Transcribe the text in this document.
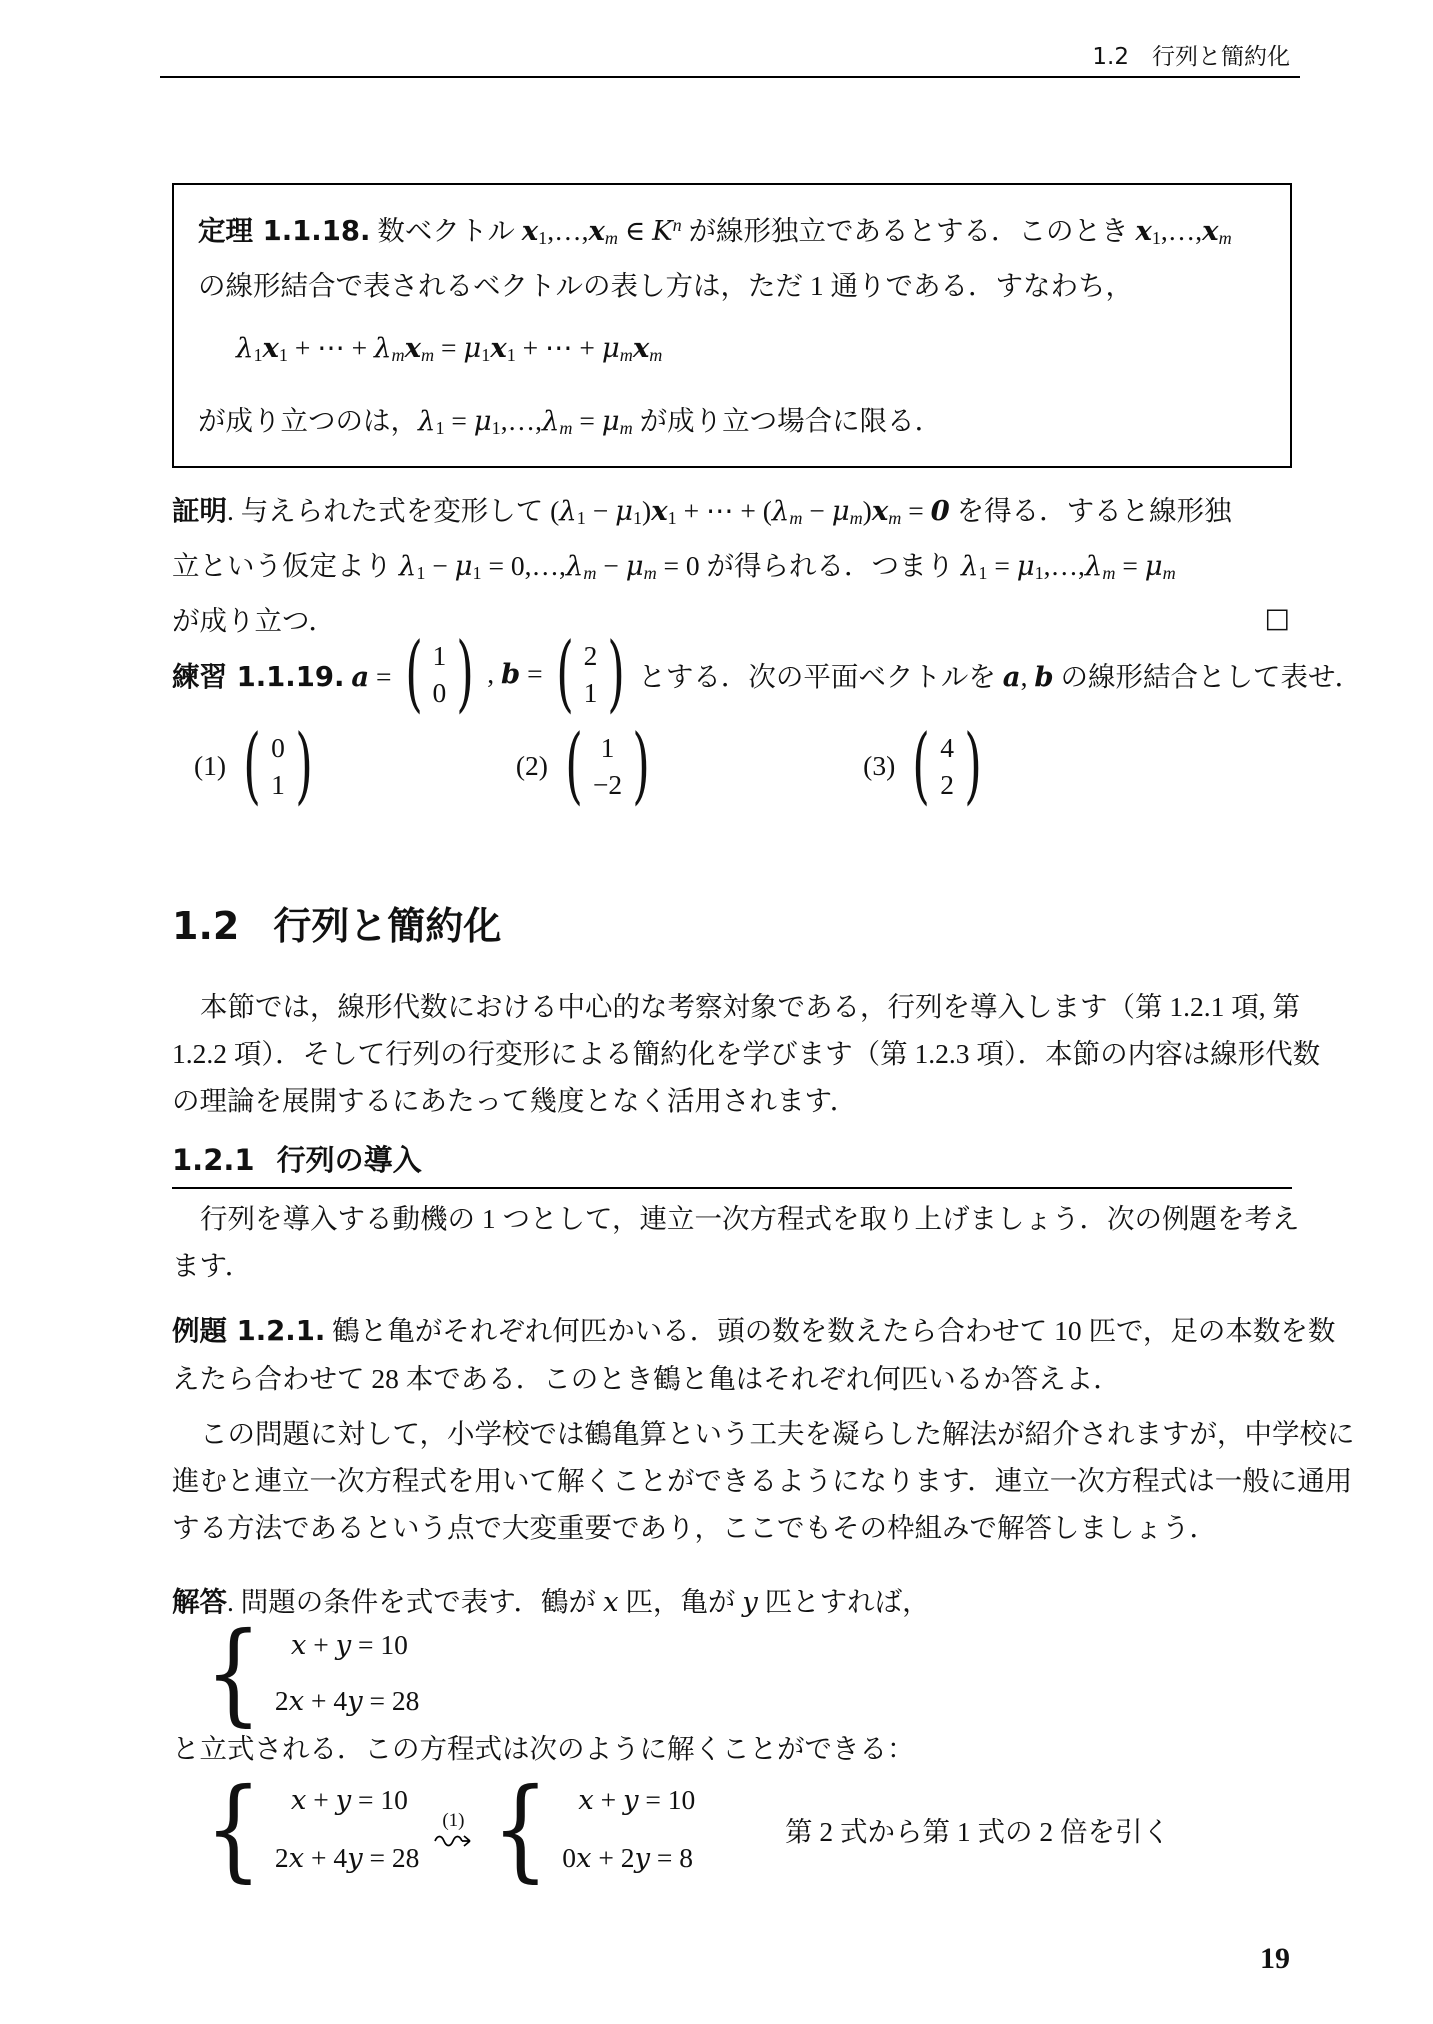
1.2　行列と簡約化
定理 1.1.18. 数ベクトル x1,…,xm ∈ $K^n$ が線形独立であるとする．このとき x1,…,xm
の線形結合で表されるベクトルの表し方は，ただ 1 通りである．すなわち，
λ1x1 + ⋯ + λmxm = μ1x1 + ⋯ + μmxm
が成り立つのは，λ1 = μ1,…,λm = μm が成り立つ場合に限る．
証明. 与えられた式を変形して (λ1 − μ1)x1 + ⋯ + (λm − μm)xm = 0 を得る．すると線形独
立という仮定より λ1 − μ1 = 0,…,λm − μm = 0 が得られる．つまり λ1 = μ1,…,λm = μm
が成り立つ．	□
練習 1.1.19. a = ( 1
0 ) , b = ( 2
1 ) とする．次の平面ベクトルを a, b の線形結合として表せ．
(1) ( 0
1 )	(2) ( 1
−2 )	(3) ( 4
2 )
1.2 行列と簡約化
本節では，線形代数における中心的な考察対象である，行列を導入します（第 1.2.1 項, 第
1.2.2 項）．そして行列の行変形による簡約化を学びます（第 1.2.3 項）．本節の内容は線形代数
の理論を展開するにあたって幾度となく活用されます．
1.2.1 行列の導入
行列を導入する動機の 1 つとして，連立一次方程式を取り上げましょう．次の例題を考え
ます．
例題 1.2.1. 鶴と亀がそれぞれ何匹かいる．頭の数を数えたら合わせて 10 匹で，足の本数を数
えたら合わせて 28 本である．このとき鶴と亀はそれぞれ何匹いるか答えよ．
この問題に対して，小学校では鶴亀算という工夫を凝らした解法が紹介されますが，中学校に
進むと連立一次方程式を用いて解くことができるようになります．連立一次方程式は一般に通用
する方法であるという点で大変重要であり，ここでもその枠組みで解答しましょう．
解答. 問題の条件を式で表す．鶴が x 匹，亀が y 匹とすれば，
{	x + y = 10
2x + 4y = 28
と立式される．この方程式は次のように解くことができる：
{	x + y = 10
2x + 4y = 28
(1) {	x + y = 10
0x + 2y = 8
第 2 式から第 1 式の 2 倍を引く
19
